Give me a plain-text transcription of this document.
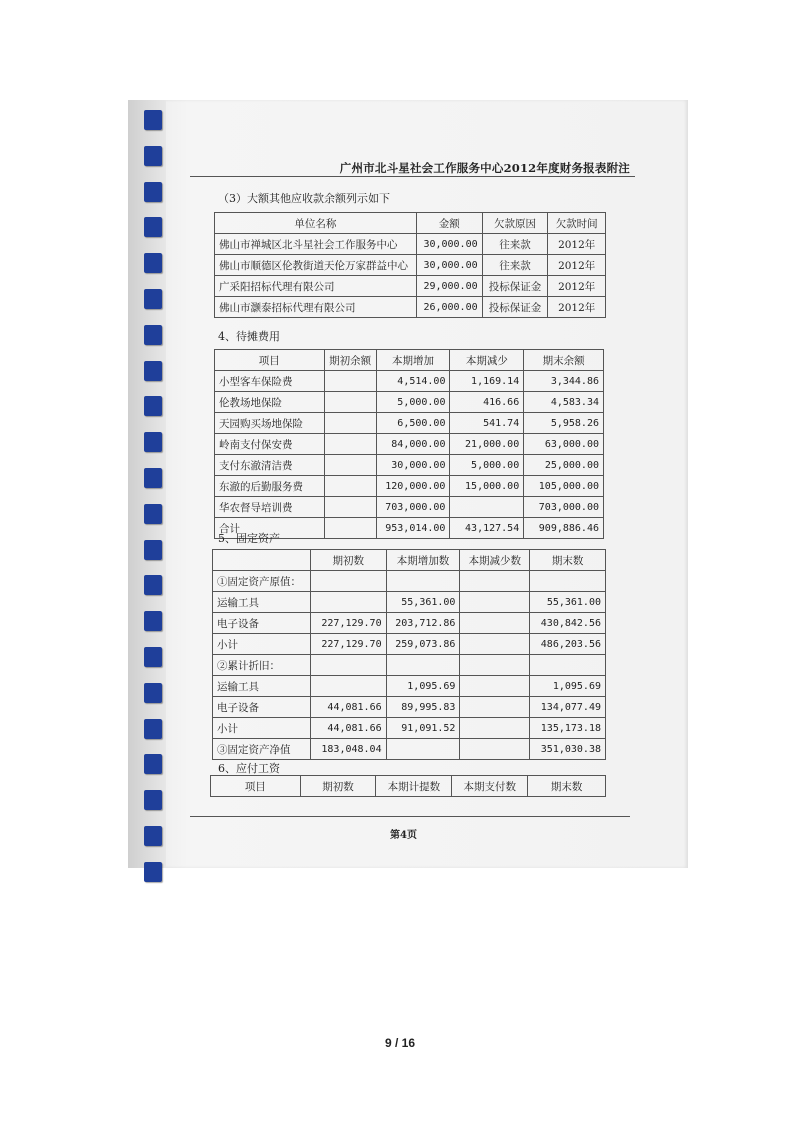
广州市北斗星社会工作服务中心2012年度财务报表附注
（3）大额其他应收款余额列示如下
单位名称	金额	欠款原因	欠款时间
佛山市禅城区北斗星社会工作服务中心	30,000.00	往来款	2012年
佛山市顺德区伦教街道天伦万家群益中心	30,000.00	往来款	2012年
广采阳招标代理有限公司	29,000.00	投标保证金	2012年
佛山市灏泰招标代理有限公司	26,000.00	投标保证金	2012年
4、待摊费用
项目	期初余额	本期增加	本期减少	期末余额
小型客车保险费		4,514.00	1,169.14	3,344.86
伦教场地保险		5,000.00	416.66	4,583.34
天园购买场地保险		6,500.00	541.74	5,958.26
岭南支付保安费		84,000.00	21,000.00	63,000.00
支付东澈清洁费		30,000.00	5,000.00	25,000.00
东澈的后勤服务费		120,000.00	15,000.00	105,000.00
华农督导培训费		703,000.00		703,000.00
合计		953,014.00	43,127.54	909,886.46
5、固定资产
	期初数	本期增加数	本期减少数	期末数
①固定资产原值：				
运输工具		55,361.00		55,361.00
电子设备	227,129.70	203,712.86		430,842.56
小计	227,129.70	259,073.86		486,203.56
②累计折旧：				
运输工具		1,095.69		1,095.69
电子设备	44,081.66	89,995.83		134,077.49
小计	44,081.66	91,091.52		135,173.18
③固定资产净值	183,048.04			351,030.38
6、应付工资
项目	期初数	本期计提数	本期支付数	期末数
第4页
9 / 16
